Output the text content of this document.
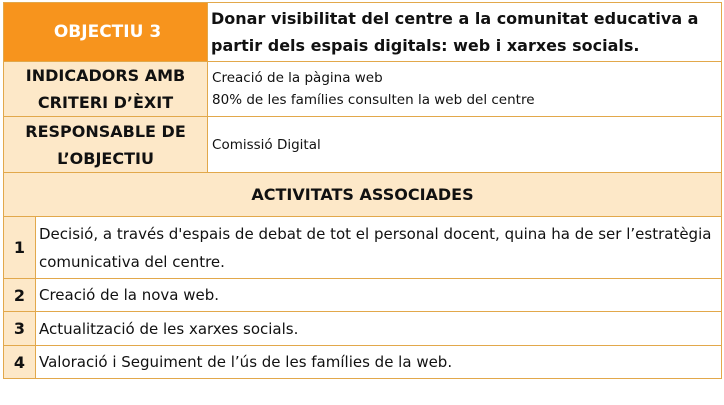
OBJECTIU 3		Donar visibilitat del centre a la comunitat educativa a partir dels espais digitals: web i xarxes socials.
INDICADORS AMB CRITERI D’ÈXIT		Creació de la pàgina web
80% de les famílies consulten la web del centre

RESPONSABLE DE L’OBJECTIU		Comissió Digital
ACTIVITATS ASSOCIADES		
1	Decisió, a través d'espais de debat de tot el personal docent, quina ha de ser l’estratègia comunicativa del centre.	
2	Creació de la nova web.	
3	Actualització de les xarxes socials.	
4	Valoració i Seguiment de l’ús de les famílies de la web.	
